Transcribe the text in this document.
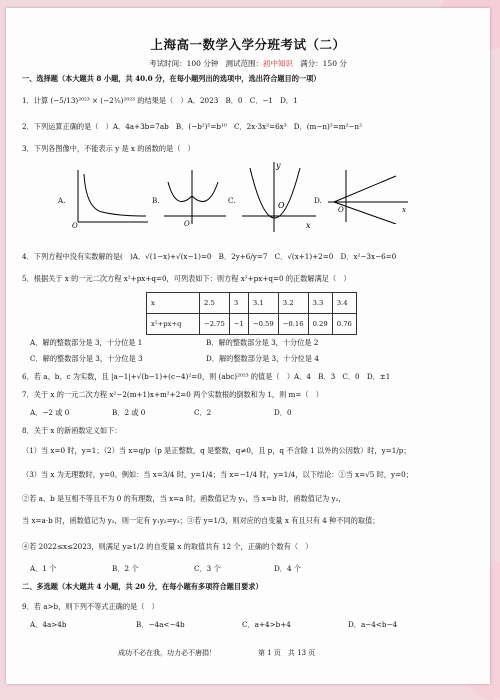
上海高一数学入学分班考试（二）
考试时间：100 分钟 测试范围：初中知识 满分：150 分
一、选择题（本大题共 8 小题，共 40.0 分，在每小题列出的选项中，选出符合题目的一项）
1．计算 (−5/13)²⁰²³ × (−2⅗)²⁰²³ 的结果是（　）A．2023　B．0　C．−1　D．1
2．下列运算正确的是（　）A．4a+3b=7ab　B．(−b²)⁵=b¹⁰　C．2x·3x²=6x³　D．(m−n)²=m²−n²
3．下列各图像中，不能表示 y 是 x 的函数的是（　）
A.
O
B.
O
C.
y
O
x
D.
O	x
4．下列方程中没有实数解的是(　)A．√(1−x)+√(x−1)=0　B．2y+6/y=7　C．√(x+1)+2=0　D．x²−3x−6=0
5．根据关于 x 的一元二次方程 x²+px+q=0，可列表如下：则方程 x²+px+q=0 的正数解满足（　）
x	2.5	3	3.1	3.2	3.3	3.4
x²+px+q	−2.75	−1	−0.59	−0.16	0.29	0.76
A．解的整数部分是 3，十分位是 1	B．解的整数部分是 3，十分位是 2
C．解的整数部分是 3，十分位是 3	D．解的整数部分是 3，十分位是 4
6．若 a、b、c 为实数，且 |a−1|+√(b−1)+(c−4)²=0，则 (abc)²⁰²³ 的值是（　）A．4　B．3　C．0　D．±1
7．关于 x 的一元二次方程 x²−2(m+1)x+m²+2=0 两个实数根的倒数和为 1，则 m=（　）
A．−2 或 0	B．2 或 0	C．2	D．0
8．关于 x 的新函数定义如下：
（1）当 x=0 时，y=1；（2）当 x=q/p（p 是正整数，q 是整数，q≠0，且 p，q 不含除 1 以外的公因数）时，y=1/p；
（3）当 x 为无理数时，y=0。例如：当 x=3/4 时，y=1/4；当 x=−1/4 时，y=1/4，以下结论：①当 x=√5 时，y=0；
②若 a、b 是互相不等且不为 0 的有理数，当 x=a 时，函数值记为 y₁，当 x=b 时，函数值记为 y₂，
当 x=a·b 时，函数值记为 y₃，则一定有 y₁y₂=y₃；③若 y=1/3，则对应的自变量 x 有且只有 4 种不同的取值；
④若 2022≤x≤2023，则满足 y≥1/2 的自变量 x 的取值共有 12 个，正确的个数有（　）
A．1 个	B．2 个	C．3 个	D．4 个
二、多选题（本大题共 4 小题，共 20 分，在每小题有多项符合题目要求）
9．若 a>b，则下列不等式正确的是（　）
A．4a>4b	B．−4a<−4b	C．a+4>b+4	D．a−4<b−4
成功不必在我，功力必不唐捐！	第 1 页　共 13 页
